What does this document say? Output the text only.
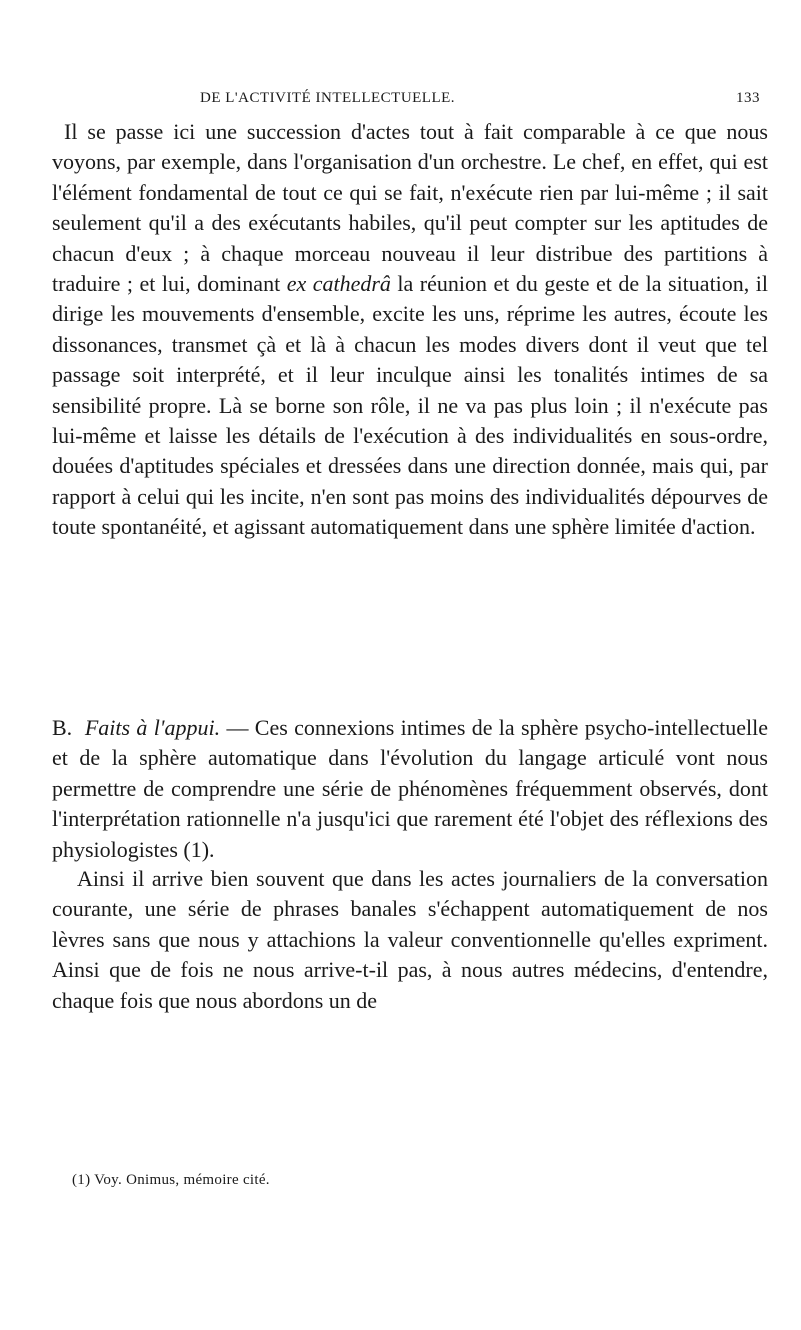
DE L'ACTIVITÉ INTELLECTUELLE.	133

Il se passe ici une succession d'actes tout à fait comparable à ce que nous voyons, par exemple, dans l'organisation d'un orchestre. Le chef, en effet, qui est l'élément fondamental de tout ce qui se fait, n'exécute rien par lui-même ; il sait seulement qu'il a des exécutants habiles, qu'il peut compter sur les aptitudes de chacun d'eux ; à chaque morceau nouveau il leur distribue des partitions à traduire ; et lui, dominant ex cathedrâ la réunion et du geste et de la situation, il dirige les mouvements d'ensemble, excite les uns, réprime les autres, écoute les dissonances, transmet çà et là à chacun les modes divers dont il veut que tel passage soit interprété, et il leur inculque ainsi les tonalités intimes de sa sensibilité propre. Là se borne son rôle, il ne va pas plus loin ; il n'exécute pas lui-même et laisse les détails de l'exécution à des individualités en sous-ordre, douées d'aptitudes spéciales et dressées dans une direction donnée, mais qui, par rapport à celui qui les incite, n'en sont pas moins des individualités dépourves de toute spontanéité, et agissant automatiquement dans une sphère limitée d'action.

B. Faits à l'appui. — Ces connexions intimes de la sphère psycho-intellectuelle et de la sphère automatique dans l'évolution du langage articulé vont nous permettre de comprendre une série de phénomènes fréquemment observés, dont l'interprétation rationnelle n'a jusqu'ici que rarement été l'objet des réflexions des physiologistes (1).

Ainsi il arrive bien souvent que dans les actes journaliers de la conversation courante, une série de phrases banales s'échappent automatiquement de nos lèvres sans que nous y attachions la valeur conventionnelle qu'elles expriment. Ainsi que de fois ne nous arrive-t-il pas, à nous autres médecins, d'entendre, chaque fois que nous abordons un de

(1) Voy. Onimus, mémoire cité.
